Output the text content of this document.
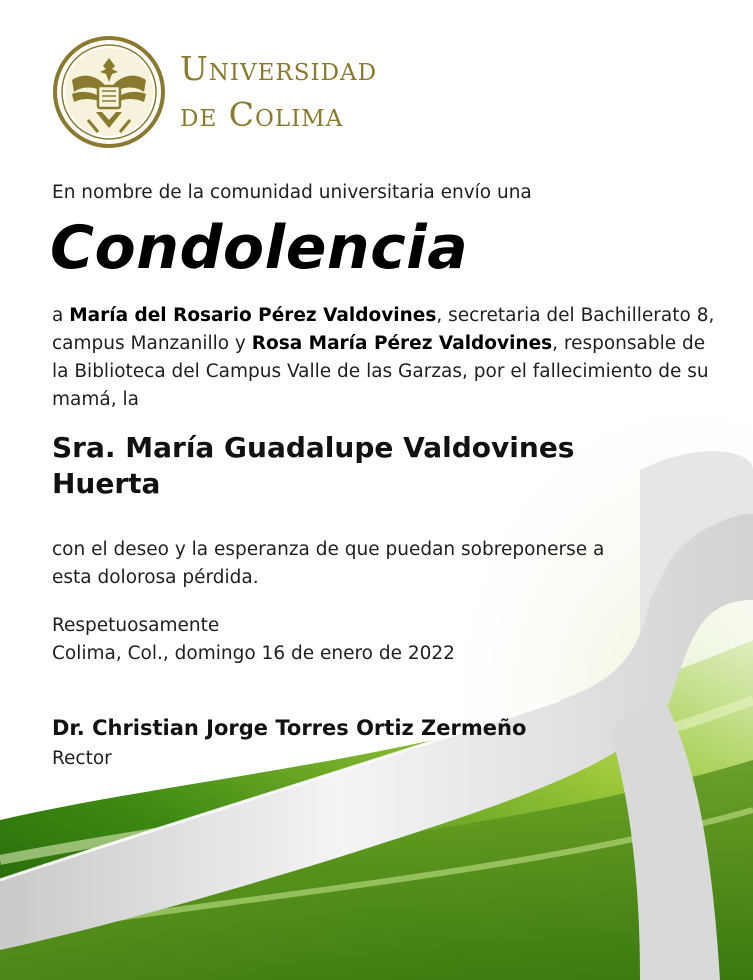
Universidad
de Colima
En nombre de la comunidad universitaria envío una
Condolencia
a María del Rosario Pérez Valdovines, secretaria del Bachillerato 8, campus Manzanillo y Rosa María Pérez Valdovines, responsable de la Biblioteca del Campus Valle de las Garzas, por el fallecimiento de su mamá, la
Sra. María Guadalupe Valdovines Huerta
con el deseo y la esperanza de que puedan sobreponerse a esta dolorosa pérdida.
Respetuosamente
Colima, Col., domingo 16 de enero de 2022
Dr. Christian Jorge Torres Ortiz Zermeño
Rector
